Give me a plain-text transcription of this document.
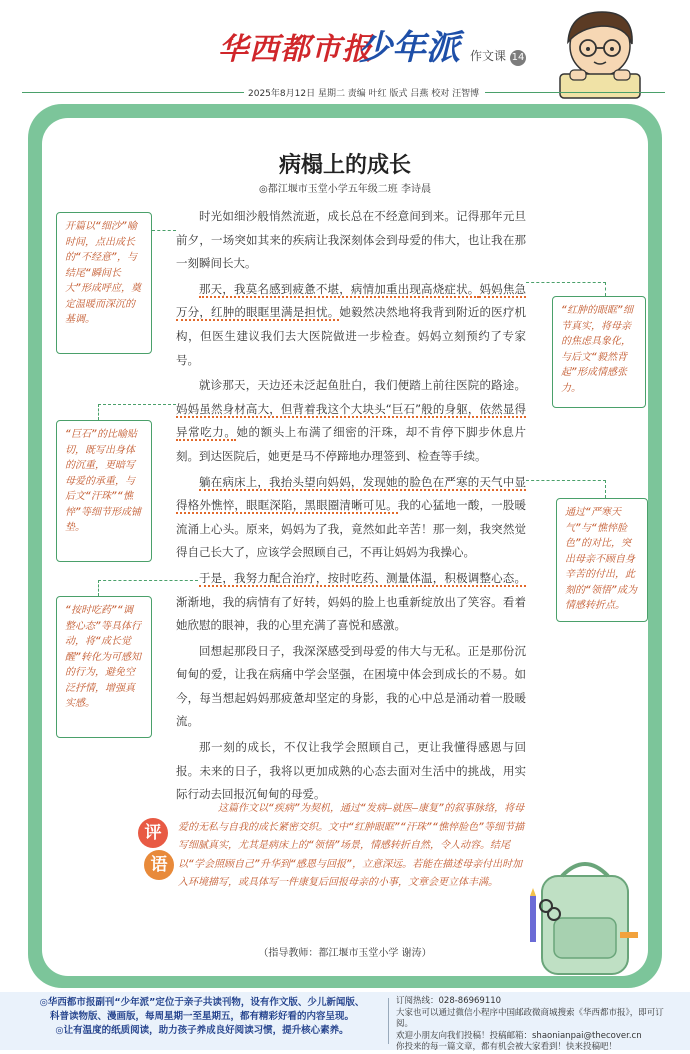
华西都市报
少年派 作文课 14
2025年8月12日 星期二 责编 叶红 版式 吕燕 校对 汪智博
病榻上的成长
◎都江堰市玉堂小学五年级二班 李诗晨

时光如细沙般悄然流逝，成长总在不经意间到来。记得那年元旦前夕，一场突如其来的疾病让我深刻体会到母爱的伟大，也让我在那一刻瞬间长大。

那天，我莫名感到疲惫不堪，病情加重出现高烧症状。妈妈焦急万分，红肿的眼眶里满是担忧。她毅然决然地将我背到附近的医疗机构，但医生建议我们去大医院做进一步检查。妈妈立刻预约了专家号。

就诊那天，天边还未泛起鱼肚白，我们便踏上前往医院的路途。妈妈虽然身材高大，但背着我这个大块头“巨石”般的身躯，依然显得异常吃力。她的额头上布满了细密的汗珠，却不肯停下脚步休息片刻。到达医院后，她更是马不停蹄地办理签到、检查等手续。

躺在病床上，我抬头望向妈妈，发现她的脸色在严寒的天气中显得格外憔悴，眼眶深陷，黑眼圈清晰可见。我的心猛地一酸，一股暖流涌上心头。原来，妈妈为了我，竟然如此辛苦！那一刻，我突然觉得自己长大了，应该学会照顾自己，不再让妈妈为我操心。

于是，我努力配合治疗，按时吃药、测量体温，积极调整心态。渐渐地，我的病情有了好转，妈妈的脸上也重新绽放出了笑容。看着她欣慰的眼神，我的心里充满了喜悦和感激。

回想起那段日子，我深深感受到母爱的伟大与无私。正是那份沉甸甸的爱，让我在病痛中学会坚强，在困境中体会到成长的不易。如今，每当想起妈妈那疲惫却坚定的身影，我的心中总是涌动着一股暖流。

那一刻的成长，不仅让我学会照顾自己，更让我懂得感恩与回报。未来的日子，我将以更加成熟的心态去面对生活中的挑战，用实际行动去回报沉甸甸的母爱。

开篇以“细沙”喻时间，点出成长的“不经意”，与结尾“瞬间长大”形成呼应，奠定温暖而深沉的基调。
“红肿的眼眶”细节真实，将母亲的焦虑具象化，与后文“毅然背起”形成情感张力。
“巨石”的比喻贴切，既写出身体的沉重，更暗写母爱的承重，与后文“汗珠”“憔悴”等细节形成铺垫。
通过“严寒天气”与“憔悴脸色”的对比，突出母亲不顾自身辛苦的付出，此刻的“领悟”成为情感转折点。
“按时吃药”“调整心态”等具体行动，将“成长觉醒”转化为可感知的行为，避免空泛抒情，增强真实感。
评
语
这篇作文以“疾病”为契机，通过“发病—就医—康复”的叙事脉络，将母爱的无私与自我的成长紧密交织。文中“红肿眼眶”“汗珠”“憔悴脸色”等细节描写细腻真实，尤其是病床上的“领悟”场景，情感转折自然，令人动容。结尾以“学会照顾自己”升华到“感恩与回报”，立意深远。若能在描述母亲付出时加入环境描写，或具体写一件康复后回报母亲的小事，文章会更立体丰满。
（指导教师：都江堰市玉堂小学 谢涛）
◎华西都市报副刊“少年派”定位于亲子共读刊物，设有作文版、少儿新闻版、
科普读物版、漫画版，每周星期一至星期五，都有精彩好看的内容呈现。
◎让有温度的纸质阅读，助力孩子养成良好阅读习惯，提升核心素养。
订阅热线：028-86969110
大家也可以通过微信小程序中国邮政微商城搜索《华西都市报》，即可订阅。
欢迎小朋友向我们投稿！投稿邮箱：shaonianpai@thecover.cn
你投来的每一篇文章，都有机会被大家看到！快来投稿吧！
